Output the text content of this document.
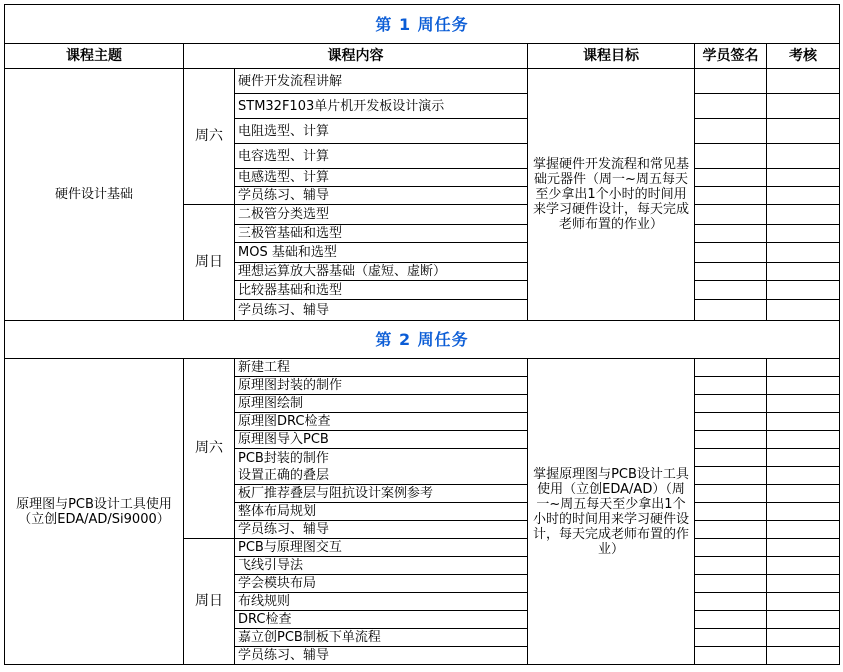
第 1 周任务					
课程主题	课程内容		课程目标	学员签名	考核
硬件设计基础	周六	硬件开发流程讲解	掌握硬件开发流程和常见基础元器件（周一~周五每天至少拿出1个小时的时间用来学习硬件设计，每天完成老师布置的作业）		

		STM32F103单片机开发板设计演示			

		电阻选型、计算			

		电容选型、计算			

		电感选型、计算			

		学员练习、辅导			

	周日	二极管分类选型			

		三极管基础和选型			

		MOS 基础和选型			

		理想运算放大器基础（虚短、虚断）			

		比较器基础和选型			

		学员练习、辅导			

第 2 周任务					
原理图与PCB设计工具使用（立创EDA/AD/Si9000）	周六	新建工程	掌握原理图与PCB设计工具使用（立创EDA/AD）（周一~周五每天至少拿出1个小时的时间用来学习硬件设计，每天完成老师布置的作业）		

		原理图封装的制作			

		原理图绘制			

		原理图DRC检查			

		原理图导入PCB			

		PCB封装的制作
设置正确的叠层			

		板厂推荐叠层与阻抗设计案例参考			

		整体布局规划			

		学员练习、辅导			

	周日	PCB与原理图交互			

		飞线引导法			

		学会模块布局			

		布线规则			

		DRC检查			

		嘉立创PCB制板下单流程			

		学员练习、辅导			
